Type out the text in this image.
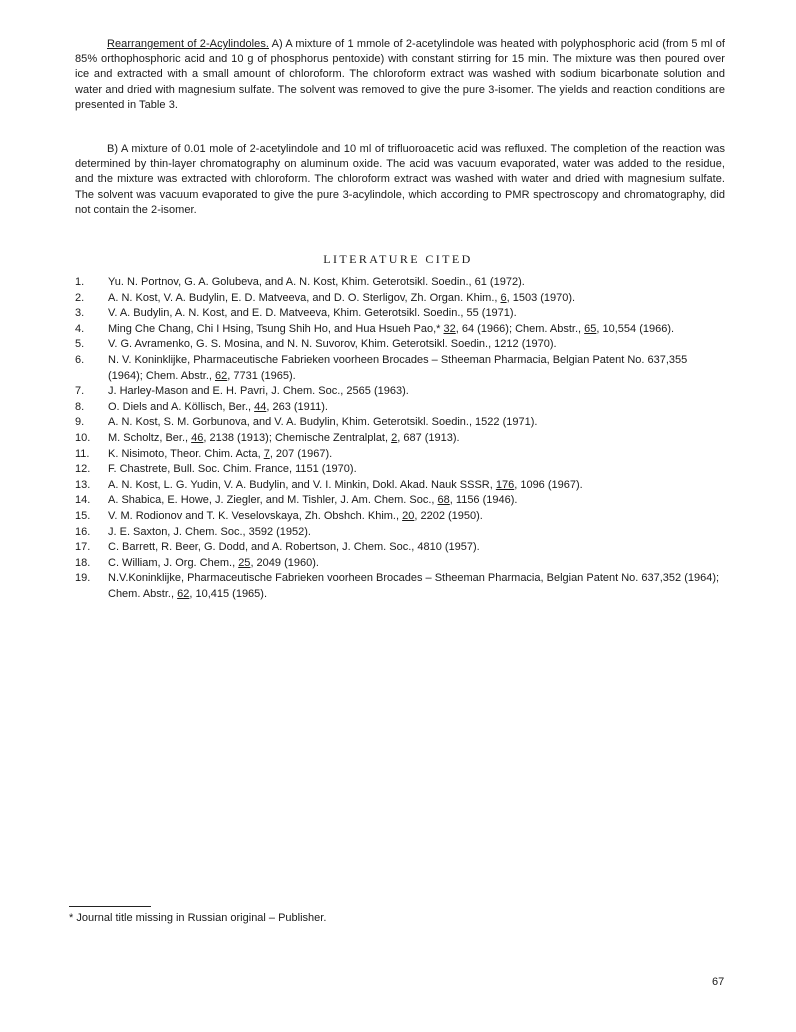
Rearrangement of 2-Acylindoles. A) A mixture of 1 mmole of 2-acetylindole was heated with polyphosphoric acid (from 5 ml of 85% orthophosphoric acid and 10 g of phosphorus pentoxide) with constant stirring for 15 min. The mixture was then poured over ice and extracted with a small amount of chloroform. The chloroform extract was washed with sodium bicarbonate solution and water and dried with magnesium sulfate. The solvent was removed to give the pure 3-isomer. The yields and reaction conditions are presented in Table 3.

B) A mixture of 0.01 mole of 2-acetylindole and 10 ml of trifluoroacetic acid was refluxed. The completion of the reaction was determined by thin-layer chromatography on aluminum oxide. The acid was vacuum evaporated, water was added to the residue, and the mixture was extracted with chloroform. The chloroform extract was washed with water and dried with magnesium sulfate. The solvent was vacuum evaporated to give the pure 3-acylindole, which according to PMR spectroscopy and chromatography, did not contain the 2-isomer.

LITERATURE CITED

1.	Yu. N. Portnov, G. A. Golubeva, and A. N. Kost, Khim. Geterotsikl. Soedin., 61 (1972).
2.	A. N. Kost, V. A. Budylin, E. D. Matveeva, and D. O. Sterligov, Zh. Organ. Khim., 6, 1503 (1970).
3.	V. A. Budylin, A. N. Kost, and E. D. Matveeva, Khim. Geterotsikl. Soedin., 55 (1971).
4.	Ming Che Chang, Chi I Hsing, Tsung Shih Ho, and Hua Hsueh Pao,* 32, 64 (1966); Chem. Abstr., 65, 10,554 (1966).
5.	V. G. Avramenko, G. S. Mosina, and N. N. Suvorov, Khim. Geterotsikl. Soedin., 1212 (1970).
6.	N. V. Koninklijke, Pharmaceutische Fabrieken voorheen Brocades – Stheeman Pharmacia, Belgian Patent No. 637,355 (1964); Chem. Abstr., 62, 7731 (1965).
7.	J. Harley-Mason and E. H. Pavri, J. Chem. Soc., 2565 (1963).
8.	O. Diels and A. Köllisch, Ber., 44, 263 (1911).
9.	A. N. Kost, S. M. Gorbunova, and V. A. Budylin, Khim. Geterotsikl. Soedin., 1522 (1971).
10.	M. Scholtz, Ber., 46, 2138 (1913); Chemische Zentralplat, 2, 687 (1913).
11.	K. Nisimoto, Theor. Chim. Acta, 7, 207 (1967).
12.	F. Chastrete, Bull. Soc. Chim. France, 1151 (1970).
13.	A. N. Kost, L. G. Yudin, V. A. Budylin, and V. I. Minkin, Dokl. Akad. Nauk SSSR, 176, 1096 (1967).
14.	A. Shabica, E. Howe, J. Ziegler, and M. Tishler, J. Am. Chem. Soc., 68, 1156 (1946).
15.	V. M. Rodionov and T. K. Veselovskaya, Zh. Obshch. Khim., 20, 2202 (1950).
16.	J. E. Saxton, J. Chem. Soc., 3592 (1952).
17.	C. Barrett, R. Beer, G. Dodd, and A. Robertson, J. Chem. Soc., 4810 (1957).
18.	C. William, J. Org. Chem., 25, 2049 (1960).
19.	N.V.Koninklijke, Pharmaceutische Fabrieken voorheen Brocades – Stheeman Pharmacia, Belgian Patent No. 637,352 (1964); Chem. Abstr., 62, 10,415 (1965).

* Journal title missing in Russian original – Publisher.

67
